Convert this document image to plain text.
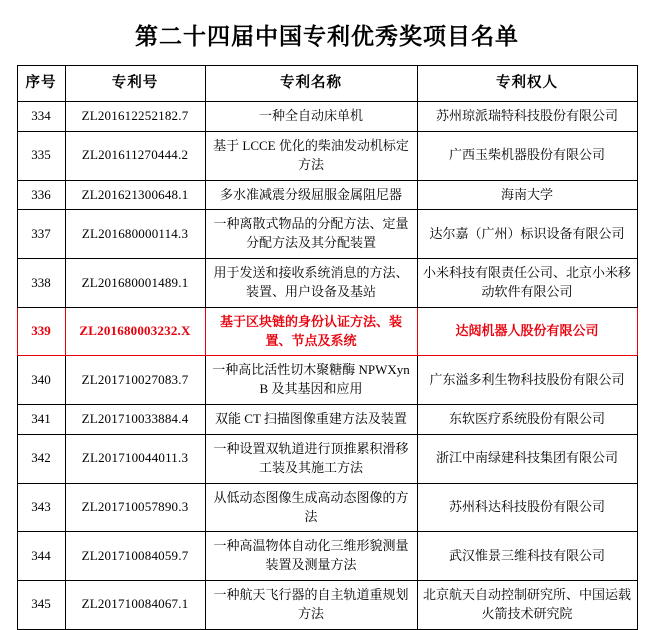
第二十四届中国专利优秀奖项目名单
序号	专利号	专利名称	专利权人
334	ZL201612252182.7	一种全自动床单机	苏州琼派瑞特科技股份有限公司
335	ZL201611270444.2	基于 LCCE 优化的柴油发动机标定方法	广西玉柴机器股份有限公司
336	ZL201621300648.1	多水准减震分级屈服金属阻尼器	海南大学
337	ZL201680000114.3	一种离散式物品的分配方法、定量分配方法及其分配装置	达尔嘉（广州）标识设备有限公司
338	ZL201680001489.1	用于发送和接收系统消息的方法、装置、用户设备及基站	小米科技有限责任公司、北京小米移动软件有限公司
339	ZL201680003232.X	基于区块链的身份认证方法、装置、节点及系统	达闼机器人股份有限公司
340	ZL201710027083.7	一种高比活性切木聚糖酶 NPWXynB 及其基因和应用	广东溢多利生物科技股份有限公司
341	ZL201710033884.4	双能 CT 扫描图像重建方法及装置	东软医疗系统股份有限公司
342	ZL201710044011.3	一种设置双轨道进行顶推累积滑移工装及其施工方法	浙江中南绿建科技集团有限公司
343	ZL201710057890.3	从低动态图像生成高动态图像的方法	苏州科达科技股份有限公司
344	ZL201710084059.7	一种高温物体自动化三维形貌测量装置及测量方法	武汉惟景三维科技有限公司
345	ZL201710084067.1	一种航天飞行器的自主轨道重规划方法	北京航天自动控制研究所、中国运载火箭技术研究院
